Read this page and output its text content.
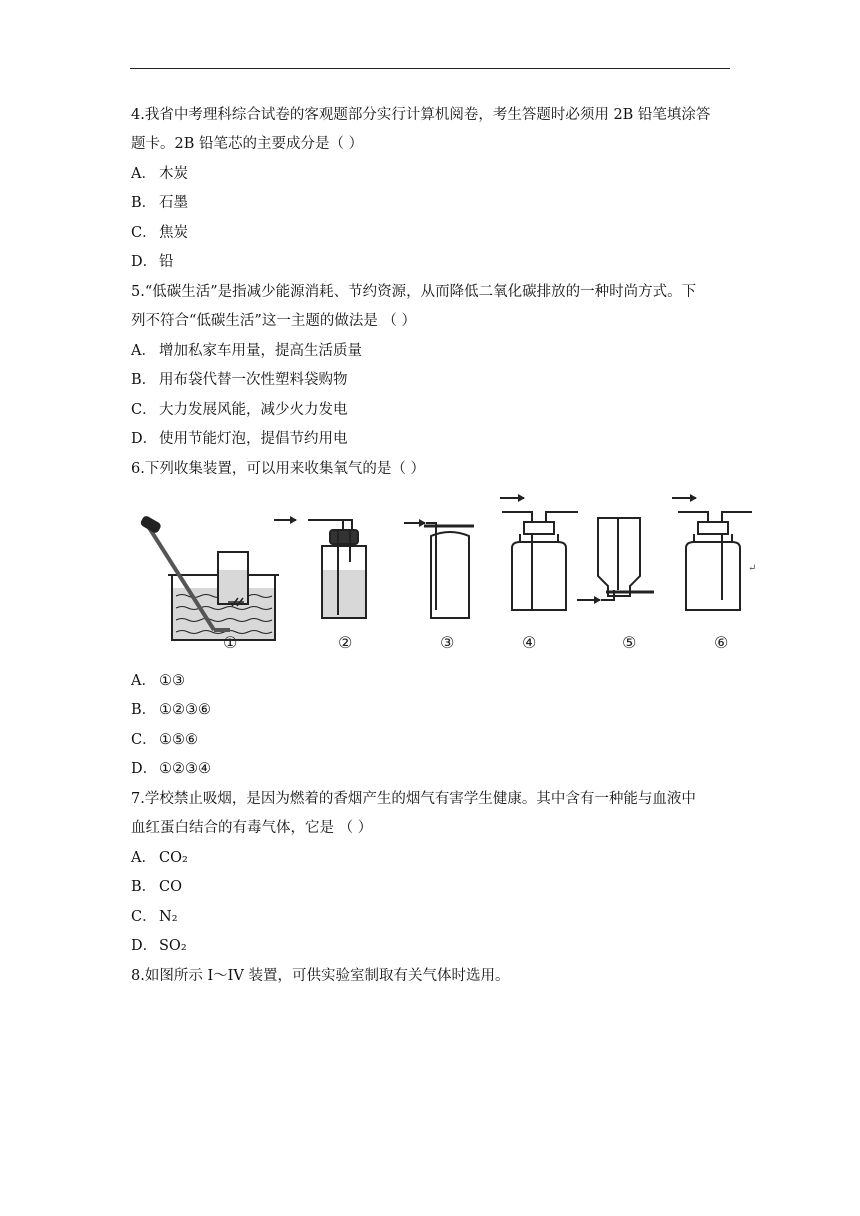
4.我省中考理科综合试卷的客观题部分实行计算机阅卷，考生答题时必须用 2B 铅笔填涂答
题卡。2B 铅笔芯的主要成分是（ ）
A． 木炭
B． 石墨
C． 焦炭
D． 铅
5.“低碳生活”是指减少能源消耗、节约资源，从而降低二氧化碳排放的一种时尚方式。下
列不符合“低碳生活”这一主题的做法是 （ ）
A． 增加私家车用量，提高生活质量
B． 用布袋代替一次性塑料袋购物
C． 大力发展风能，减少火力发电
D． 使用节能灯泡，提倡节约用电
6.下列收集装置，可以用来收集氧气的是（ ）
①	②	③	④	⑤	⑥
↵
A． ①③
B． ①②③⑥
C． ①⑤⑥
D． ①②③④
7.学校禁止吸烟，是因为燃着的香烟产生的烟气有害学生健康。其中含有一种能与血液中
血红蛋白结合的有毒气体，它是 （ ）
A． CO₂
B． CO
C． N₂
D． SO₂
8.如图所示 I～IV 装置，可供实验室制取有关气体时选用。
